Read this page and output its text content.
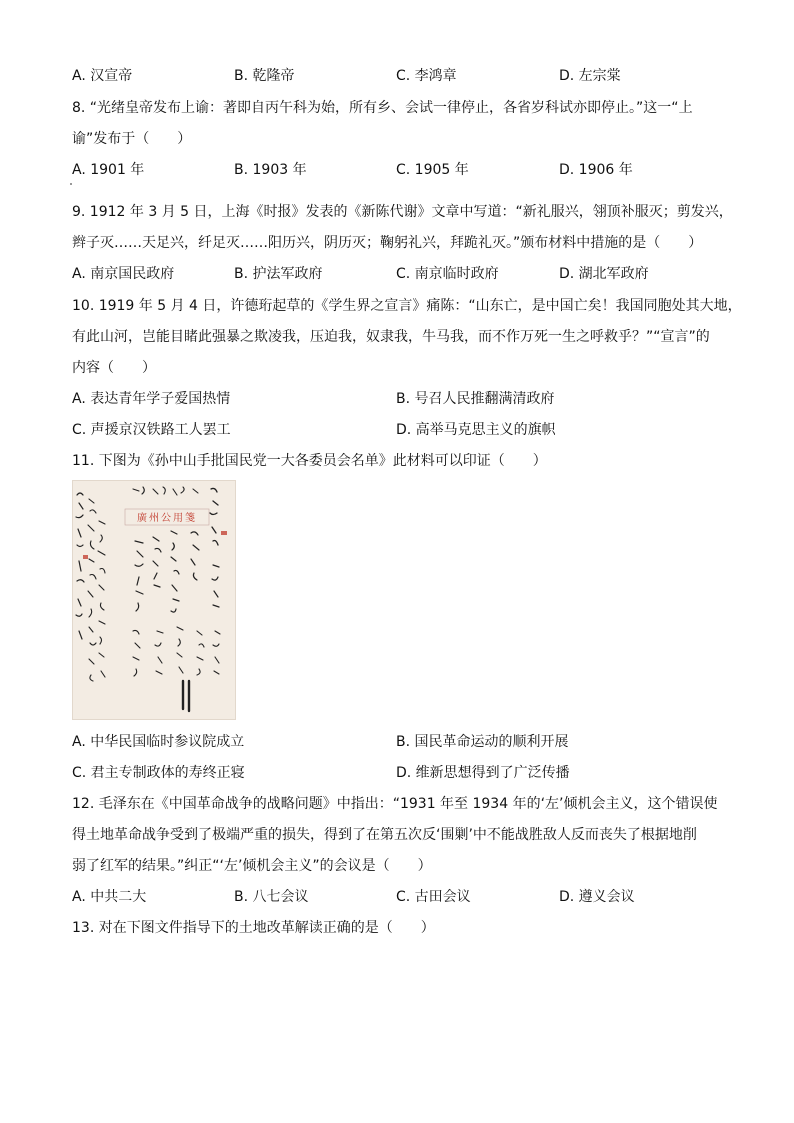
A. 汉宣帝	B. 乾隆帝	C. 李鸿章	D. 左宗棠
8. “光绪皇帝发布上谕：著即自丙午科为始，所有乡、会试一律停止，各省岁科试亦即停止。”这一“上
谕”发布于（　　）
A. 1901 年	B. 1903 年	C. 1905 年	D. 1906 年
9. 1912 年 3 月 5 日，上海《时报》发表的《新陈代谢》文章中写道：“新礼服兴，翎顶补服灭；剪发兴，
辫子灭……天足兴，纤足灭……阳历兴，阴历灭；鞠躬礼兴，拜跪礼灭。”颁布材料中措施的是（　　）
A. 南京国民政府	B. 护法军政府	C. 南京临时政府	D. 湖北军政府
10. 1919 年 5 月 4 日，许德珩起草的《学生界之宣言》痛陈：“山东亡，是中国亡矣！我国同胞处其大地，
有此山河，岂能目睹此强暴之欺凌我，压迫我，奴隶我，牛马我，而不作万死一生之呼救乎？”“宣言”的
内容（　　）
A. 表达青年学子爱国热情	B. 号召人民推翻满清政府
C. 声援京汉铁路工人罢工	D. 高举马克思主义的旗帜
11. 下图为《孙中山手批国民党一大各委员会名单》此材料可以印证（　　）
廣州公用箋
A. 中华民国临时参议院成立	B. 国民革命运动的顺利开展
C. 君主专制政体的寿终正寝	D. 维新思想得到了广泛传播
12. 毛泽东在《中国革命战争的战略问题》中指出：“1931 年至 1934 年的‘左’倾机会主义，这个错误使
得土地革命战争受到了极端严重的损失，得到了在第五次反‘围剿’中不能战胜敌人反而丧失了根据地削
弱了红军的结果。”纠正“‘左’倾机会主义”的会议是（　　）
A. 中共二大	B. 八七会议	C. 古田会议	D. 遵义会议
13. 对在下图文件指导下的土地改革解读正确的是（　　）
